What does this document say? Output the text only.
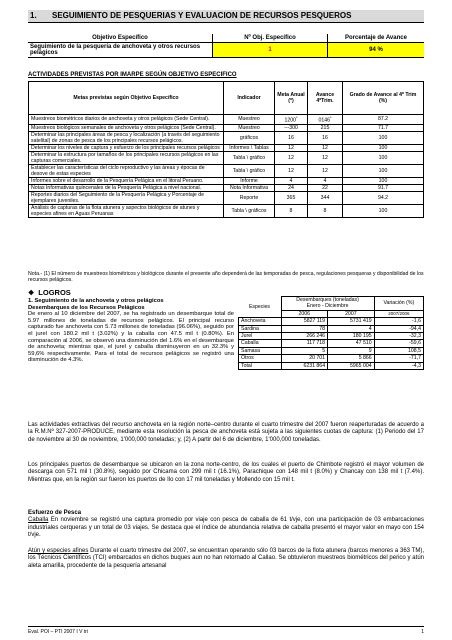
1. SEGUIMIENTO DE PESQUERIAS Y EVALUACION DE RECURSOS PESQUEROS
Objetivo Específico	Nº Obj. Específico	Porcentaje de Avance
Seguimiento de la pesquería de anchoveta y otros recursos pelágicos	1	94 %
ACTIVIDADES PREVISTAS POR IMARPE SEGÚN OBJETIVO ESPECIFICO
Metas previstas según Objetivo Específico	Indicador	Meta Anual (*)	Avance 4ºTrim.	Grado de Avance al 4º Trim (%)
Muestreos biométricos diarios de anchoveta y otros pelágicos (Sede Central).	Muestreo	1200*	0146*	87.2
Muestreos biológicos semanales de anchoveta y otros pelágicos (Sede Central).	Muestreo	---300	215	71.7
Determinar las principales áreas de pesca y localización (a través del seguimiento satelital) de zonas de pesca de los principales recursos pelágicos.	gráficos	16	16	100
Determinar los niveles de captura y esfuerzo de los principales recursos pelágicos	Informes \ Tablas	12	12	100
Determinar la estructura por tamaños de los principales recursos pelágicos en las capturas comerciales.	Tabla \ gráfico	12	12	100
Establecer las características del ciclo reproductivo y las áreas y épocas de desove de estas especies	Tabla \ gráfico	12	12	100
Informes sobre el desarrollo de la Pesquería Pelágica en el litoral Peruano.	Informe	4	4	100
Notas Informativas quincenales de la Pesquería Pelágica a nivel nacional.	Nota Informativa	24	22	91.7
Reportes diarios del Seguimiento de la Pesquería Pelágica y Porcentaje de ejemplares juveniles.	Reporte	365	344	94.2
Análisis de capturas de la flota atunera y aspectos biológicos de atunes y especies afines en Aguas Peruanas	Tabla \ gráficos	8	8	100
Nota.- (1) El número de muestreos biométricos y biológicos durante el presente año dependerá de las temporadas de pesca, regulaciones pesqueras y disponibilidad de los recursos pelágicos.
❖ LOGROS
1. Seguimiento de la anchoveta y otros pelágicos
Desembarques de los Recursos Pelágicos
De enero al 10 diciembre del 2007, se ha registrado un desembarque total de 5.97 millones de toneladas de recursos pelágicos. El principal recurso capturado fue anchoveta con 5.73 millones de toneladas (96.06%), seguido por el jurel con 180.2 mil t (3.02%) y la caballa con 47.5 mil t (0.80%). En comparación al 2006, se observó una disminución del 1.6% en el desembarque de anchoveta; mientras que, el jurel y caballa disminuyeron en un 32.3% y 59,6% respectivamente. Para el total de recursos pelágicos se registró una disminución de 4.3%.
	Desembarques (toneladas)		Variación (%)
Especies	Enero - Diciembre		
	2006	2007	2007/2006
Anchoveta	5827 119	5731 419	-1,6
Sardina	78	4	-94,4
Jurel	266 246	180 195	-32,3
Caballa	117 718	47 510	-59,6
Samasa	5	9	108,5
Otros	20 701	5 866	-71,7
Total	6231 864	5965 004	-4,3
Las actividades extractivas del recurso anchoveta en la región norte–centro durante el cuarto trimestre del 2007 fueron reaperturadas de acuerdo a la R.M.Nº 327-2007-PRODUCE, mediante esta resolución la pesca de anchoveta está sujeta a las siguientes cuotas de captura: (1) Periodo del 17 de noviembre al 30 de noviembre, 1'000,000 toneladas; y, (2) A partir del 6 de diciembre, 1'000,000 toneladas.
Los principales puertos de desembarque se ubicaron en la zona norte-centro, de los cuales el puerto de Chimbote registró el mayor volumen de descarga con 571 mil t (30.8%), seguido por Chicama con 299 mil t (16.1%), Parachique con 148 mil t (8.0%) y Chancay con 138 mil t (7.4%). Mientras que, en la región sur fueron los puertos de Ilo con 17 mil toneladas y Mollendo con 15 mil t.
Esfuerzo de Pesca
Caballa En noviembre se registró una captura promedio por viaje con pesca de caballa de 61 t/vje, con una participación de 03 embarcaciones industriales cerqueras y un total de 03 viajes. Se destaca que el índice de abundancia relativa de caballa presentó el mayor valor en mayo con 154 t/vje.
Atún y especies afines Durante el cuarto trimestre del 2007, se encuentran operando sólo 03 barcos de la flota atunera (barcos menores a 363 TM), los Técnicos Científicos (TCI) embarcados en dichos buques aun no han retornado al Callao. Se obtuvieron muestreos biométricos del perico y atún aleta amarilla, procedente de la pesquería artesanal
Eval. POI – PTI 2007 I V tri	1
